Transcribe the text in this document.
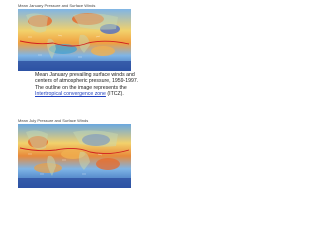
Mean January Pressure and Surface Winds
Mean January prevailing surface winds and
centers of atmospheric pressure, 1959-1997.
The outline on the image represents the
Intertropical convergence zone (ITCZ).
Mean July Pressure and Surface Winds
